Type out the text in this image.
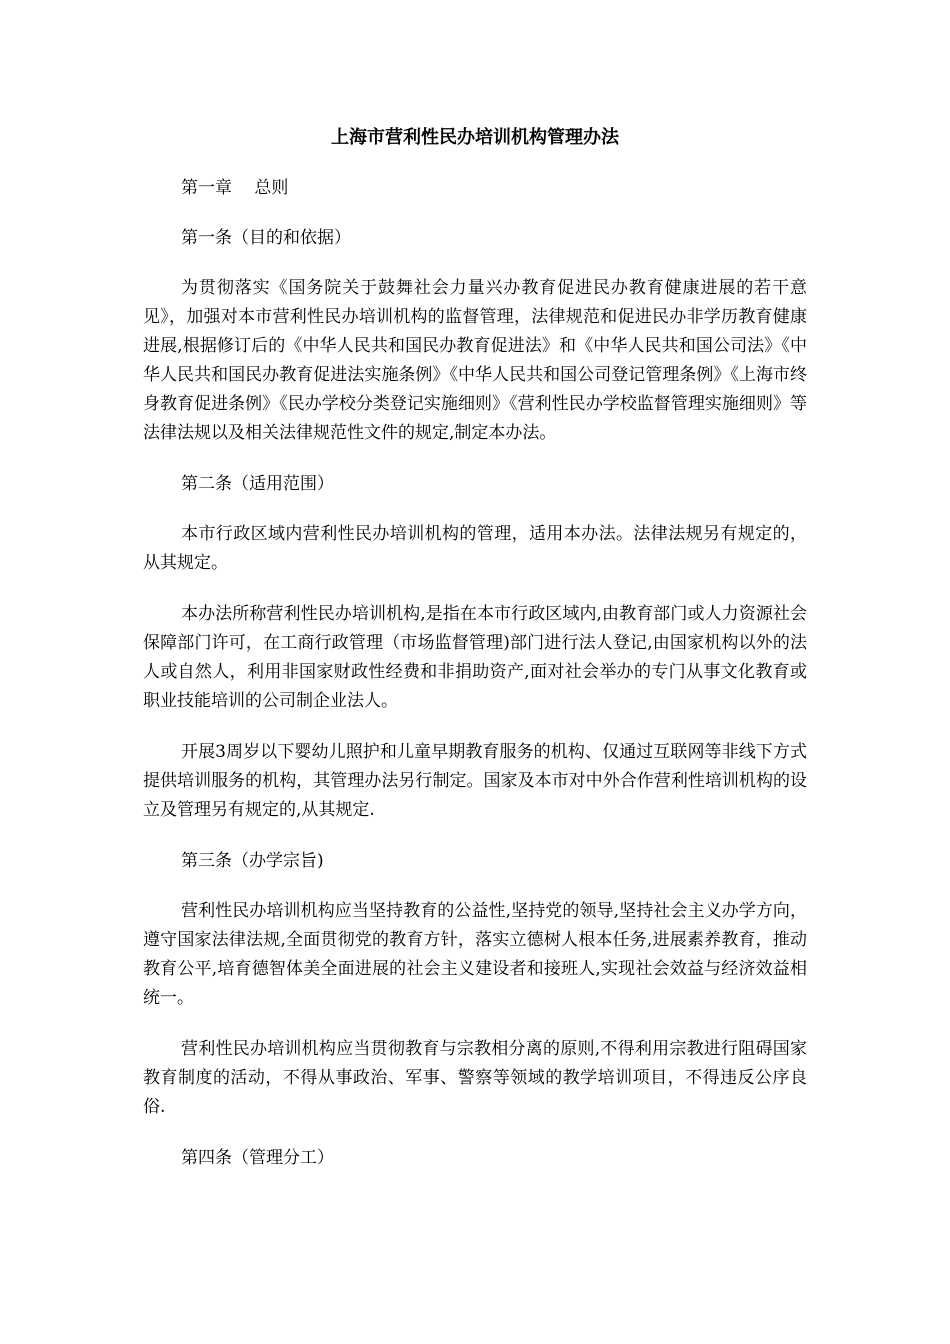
上海市营利性民办培训机构管理办法

第一章　 总则

第一条（目的和依据）

为贯彻落实《国务院关于鼓舞社会力量兴办教育促进民办教育健康进展的若干意见》，加强对本市营利性民办培训机构的监督管理，法律规范和促进民办非学历教育健康进展,根据修订后的《中华人民共和国民办教育促进法》和《中华人民共和国公司法》《中华人民共和国民办教育促进法实施条例》《中华人民共和国公司登记管理条例》《上海市终身教育促进条例》《民办学校分类登记实施细则》《营利性民办学校监督管理实施细则》等法律法规以及相关法律规范性文件的规定,制定本办法。

第二条（适用范围）

本市行政区域内营利性民办培训机构的管理，适用本办法。法律法规另有规定的，从其规定。

本办法所称营利性民办培训机构,是指在本市行政区域内,由教育部门或人力资源社会保障部门许可，在工商行政管理（市场监督管理)部门进行法人登记,由国家机构以外的法人或自然人，利用非国家财政性经费和非捐助资产,面对社会举办的专门从事文化教育或职业技能培训的公司制企业法人。

开展3周岁以下婴幼儿照护和儿童早期教育服务的机构、仅通过互联网等非线下方式提供培训服务的机构，其管理办法另行制定。国家及本市对中外合作营利性培训机构的设立及管理另有规定的,从其规定.

第三条（办学宗旨)

营利性民办培训机构应当坚持教育的公益性,坚持党的领导,坚持社会主义办学方向，遵守国家法律法规,全面贯彻党的教育方针，落实立德树人根本任务,进展素养教育，推动教育公平,培育德智体美全面进展的社会主义建设者和接班人,实现社会效益与经济效益相统一。

营利性民办培训机构应当贯彻教育与宗教相分离的原则,不得利用宗教进行阻碍国家教育制度的活动，不得从事政治、军事、警察等领域的教学培训项目，不得违反公序良俗.

第四条（管理分工）
